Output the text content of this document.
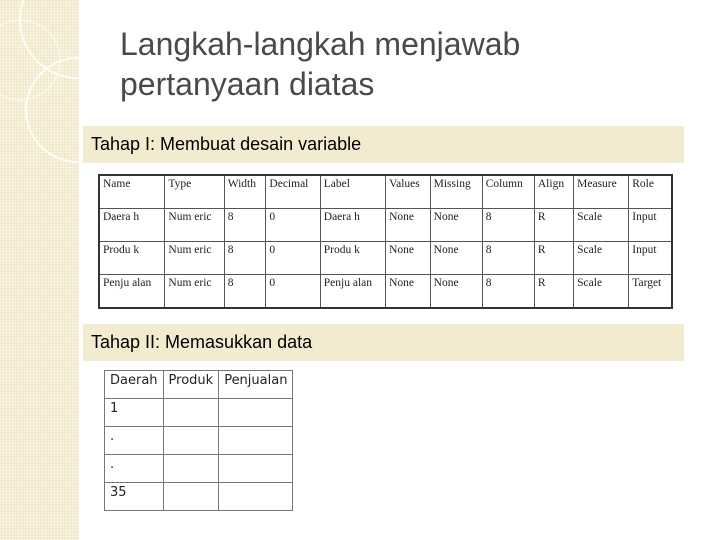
Langkah-langkah menjawab
pertanyaan diatas
Tahap I: Membuat desain variable
Name	Type	Width	Decimal	Label	Values	Missing	Column	Align	Measure	Role
Daera h	Num eric	8	0	Daera h	None	None	8	R	Scale	Input
Produ k	Num eric	8	0	Produ k	None	None	8	R	Scale	Input
Penju alan	Num eric	8	0	Penju alan	None	None	8	R	Scale	Target
Tahap II: Memasukkan data
Daerah	Produk	Penjualan
1		
.		
.		
35		
